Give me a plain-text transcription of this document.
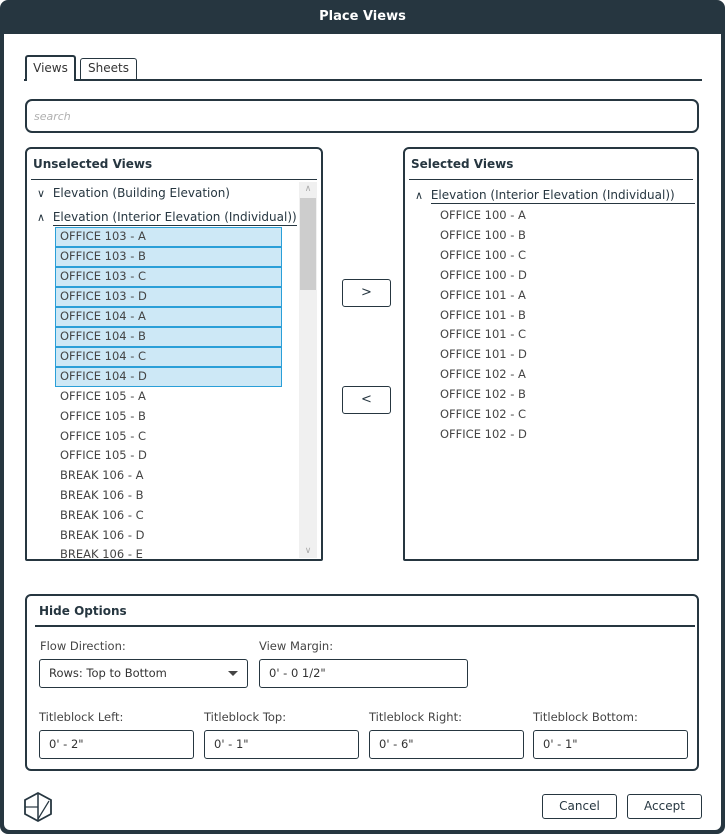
Place Views
Views	Sheets
search
Unselected Views
∨ Elevation (Building Elevation)
∧ Elevation (Interior Elevation (Individual))
OFFICE 103 - A
OFFICE 103 - B
OFFICE 103 - C
OFFICE 103 - D
OFFICE 104 - A
OFFICE 104 - B
OFFICE 104 - C
OFFICE 104 - D
OFFICE 105 - A
OFFICE 105 - B
OFFICE 105 - C
OFFICE 105 - D
BREAK 106 - A
BREAK 106 - B
BREAK 106 - C
BREAK 106 - D
BREAK 106 - E
∧
∨
>
<
Selected Views
∧ Elevation (Interior Elevation (Individual))
OFFICE 100 - A
OFFICE 100 - B
OFFICE 100 - C
OFFICE 100 - D
OFFICE 101 - A
OFFICE 101 - B
OFFICE 101 - C
OFFICE 101 - D
OFFICE 102 - A
OFFICE 102 - B
OFFICE 102 - C
OFFICE 102 - D
Hide Options
Flow Direction:
Rows: Top to Bottom
View Margin:
0' - 0 1/2"
Titleblock Left:
0' - 2"
Titleblock Top:
0' - 1"
Titleblock Right:
0' - 6"
Titleblock Bottom:
0' - 1"
Cancel	Accept
